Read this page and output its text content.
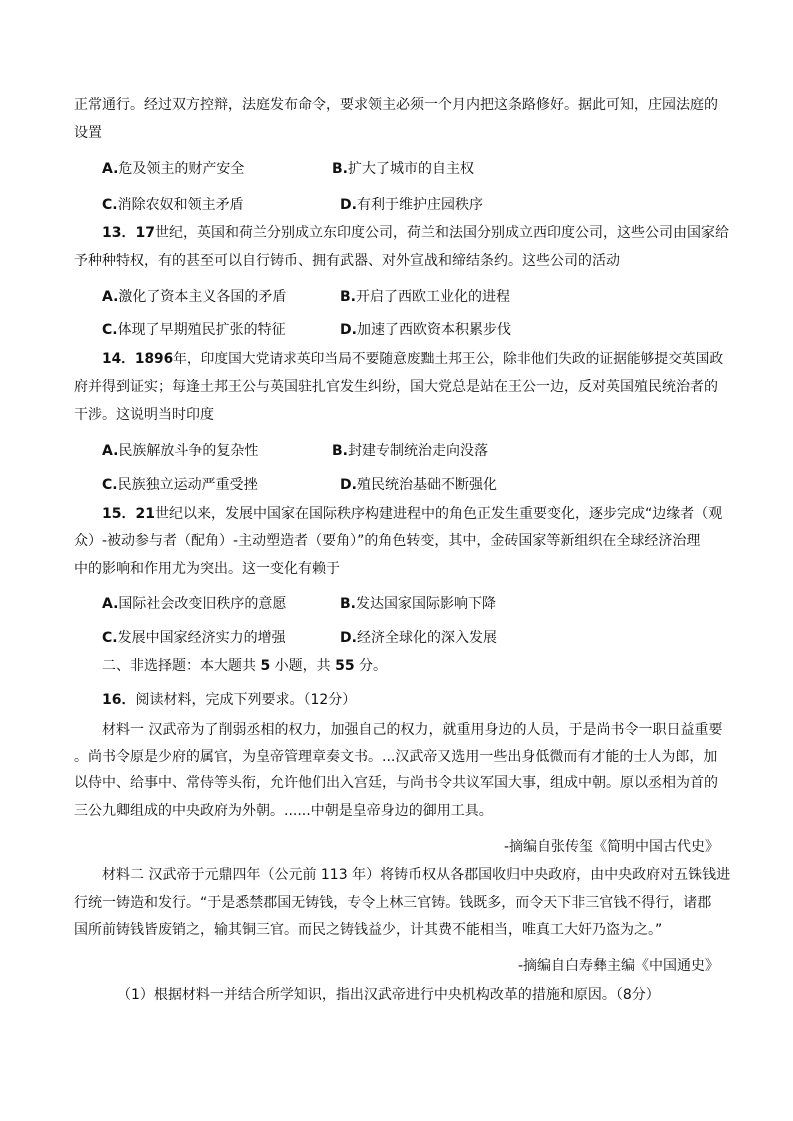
正常通行。经过双方控辩，法庭发布命令，要求领主必须一个月内把这条路修好。据此可知，庄园法庭的
设置
A.危及领主的财产安全	B.扩大了城市的自主权
C.消除农奴和领主矛盾	D.有利于维护庄园秩序
13．17世纪，英国和荷兰分别成立东印度公司，荷兰和法国分别成立西印度公司，这些公司由国家给
予种种特权，有的甚至可以自行铸币、拥有武器、对外宣战和缔结条约。这些公司的活动
A.激化了资本主义各国的矛盾	B.开启了西欧工业化的进程
C.体现了早期殖民扩张的特征	D.加速了西欧资本积累步伐
14．1896年，印度国大党请求英印当局不要随意废黜土邦王公，除非他们失政的证据能够提交英国政
府并得到证实；每逢土邦王公与英国驻扎官发生纠纷，国大党总是站在王公一边，反对英国殖民统治者的
干涉。这说明当时印度
A.民族解放斗争的复杂性	B.封建专制统治走向没落
C.民族独立运动严重受挫	D.殖民统治基础不断强化
15．21世纪以来，发展中国家在国际秩序构建进程中的角色正发生重要变化，逐步完成“边缘者（观
众）-被动参与者（配角）-主动塑造者（要角）”的角色转变，其中，金砖国家等新组织在全球经济治理
中的影响和作用尤为突出。这一变化有赖于
A.国际社会改变旧秩序的意愿	B.发达国家国际影响下降
C.发展中国家经济实力的增强	D.经济全球化的深入发展
二、非选择题：本大题共 5 小题，共 55 分。
16．阅读材料，完成下列要求。（12分）
材料一 汉武帝为了削弱丞相的权力，加强自己的权力，就重用身边的人员，于是尚书令一职日益重要
。尚书令原是少府的属官，为皇帝管理章奏文书。...汉武帝又选用一些出身低微而有才能的士人为郎，加
以侍中、给事中、常侍等头衔，允许他们出入宫廷，与尚书令共议军国大事，组成中朝。原以丞相为首的
三公九卿组成的中央政府为外朝。......中朝是皇帝身边的御用工具。
-摘编自张传玺《简明中国古代史》
材料二 汉武帝于元鼎四年（公元前 113 年）将铸币权从各郡国收归中央政府，由中央政府对五铢钱进
行统一铸造和发行。“于是悉禁郡国无铸钱，专令上林三官铸。钱既多，而令天下非三官钱不得行，诸郡
国所前铸钱皆废销之，输其铜三官。而民之铸钱益少，计其费不能相当，唯真工大奸乃盗为之。”
-摘编自白寿彝主编《中国通史》
（1）根据材料一并结合所学知识，指出汉武帝进行中央机构改革的措施和原因。（8分）
